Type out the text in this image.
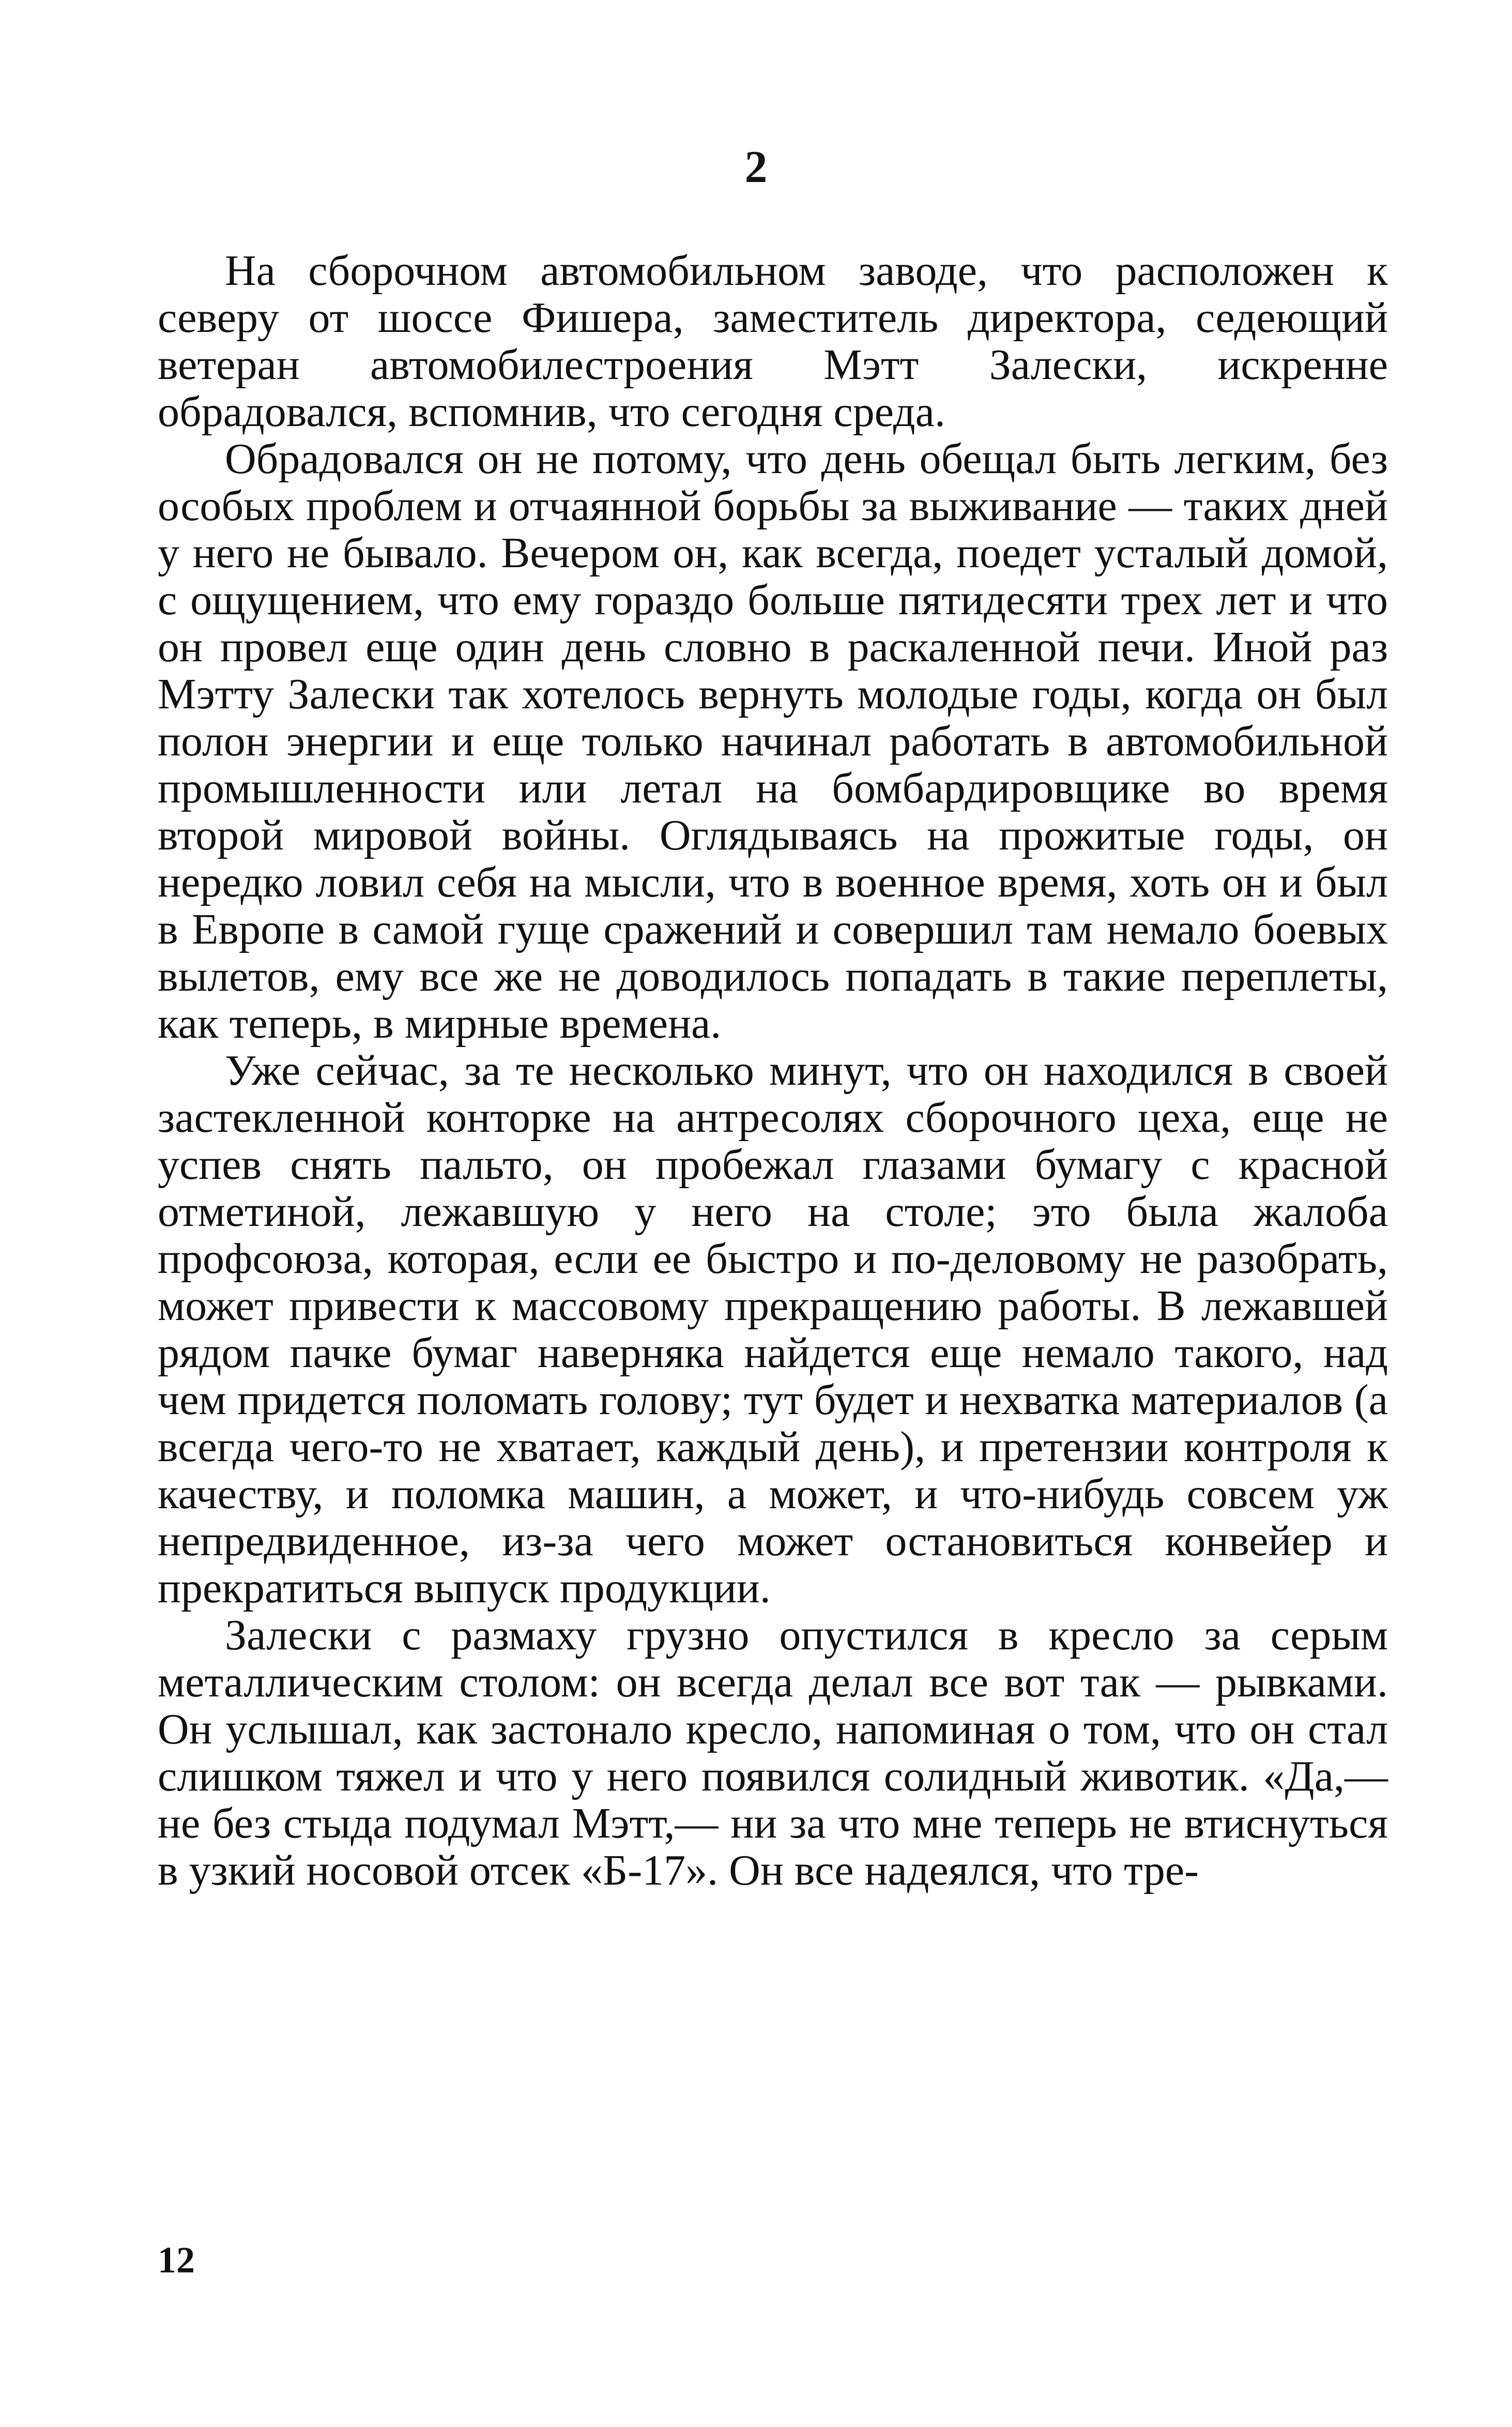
2

На сборочном автомобильном заводе, что расположен к северу от шоссе Фишера, заместитель директора, седеющий ветеран автомобилестроения Мэтт Залески, искренне обрадовался, вспомнив, что сегодня среда.

Обрадовался он не потому, что день обещал быть легким, без особых проблем и отчаянной борьбы за выживание — таких дней у него не бывало. Вечером он, как всегда, поедет усталый домой, с ощущением, что ему гораздо больше пятидесяти трех лет и что он провел еще один день словно в раскаленной печи. Иной раз Мэтту Залески так хотелось вернуть молодые годы, когда он был полон энергии и еще только начинал работать в автомобильной промышленности или летал на бомбардировщике во время второй мировой войны. Оглядываясь на прожитые годы, он нередко ловил себя на мысли, что в военное время, хоть он и был в Европе в самой гуще сражений и совершил там немало боевых вылетов, ему все же не доводилось попадать в такие переплеты, как теперь, в мирные времена.

Уже сейчас, за те несколько минут, что он находился в своей застекленной конторке на антресолях сборочного цеха, еще не успев снять пальто, он пробежал глазами бумагу с красной отметиной, лежавшую у него на столе; это была жалоба профсоюза, которая, если ее быстро и по-деловому не разобрать, может привести к массовому прекращению работы. В лежавшей рядом пачке бумаг наверняка найдется еще немало такого, над чем придется поломать голову; тут будет и нехватка материалов (а всегда чего-то не хватает, каждый день), и претензии контроля к качеству, и поломка машин, а может, и что-нибудь совсем уж непредвиденное, из-за чего может остановиться конвейер и прекратиться выпуск продукции.

Залески с размаху грузно опустился в кресло за серым металлическим столом: он всегда делал все вот так — рывками. Он услышал, как застонало кресло, напоминая о том, что он стал слишком тяжел и что у него появился солидный животик. «Да,— не без стыда подумал Мэтт,— ни за что мне теперь не втиснуться в узкий носовой отсек «Б-17». Он все надеялся, что тре-

12
